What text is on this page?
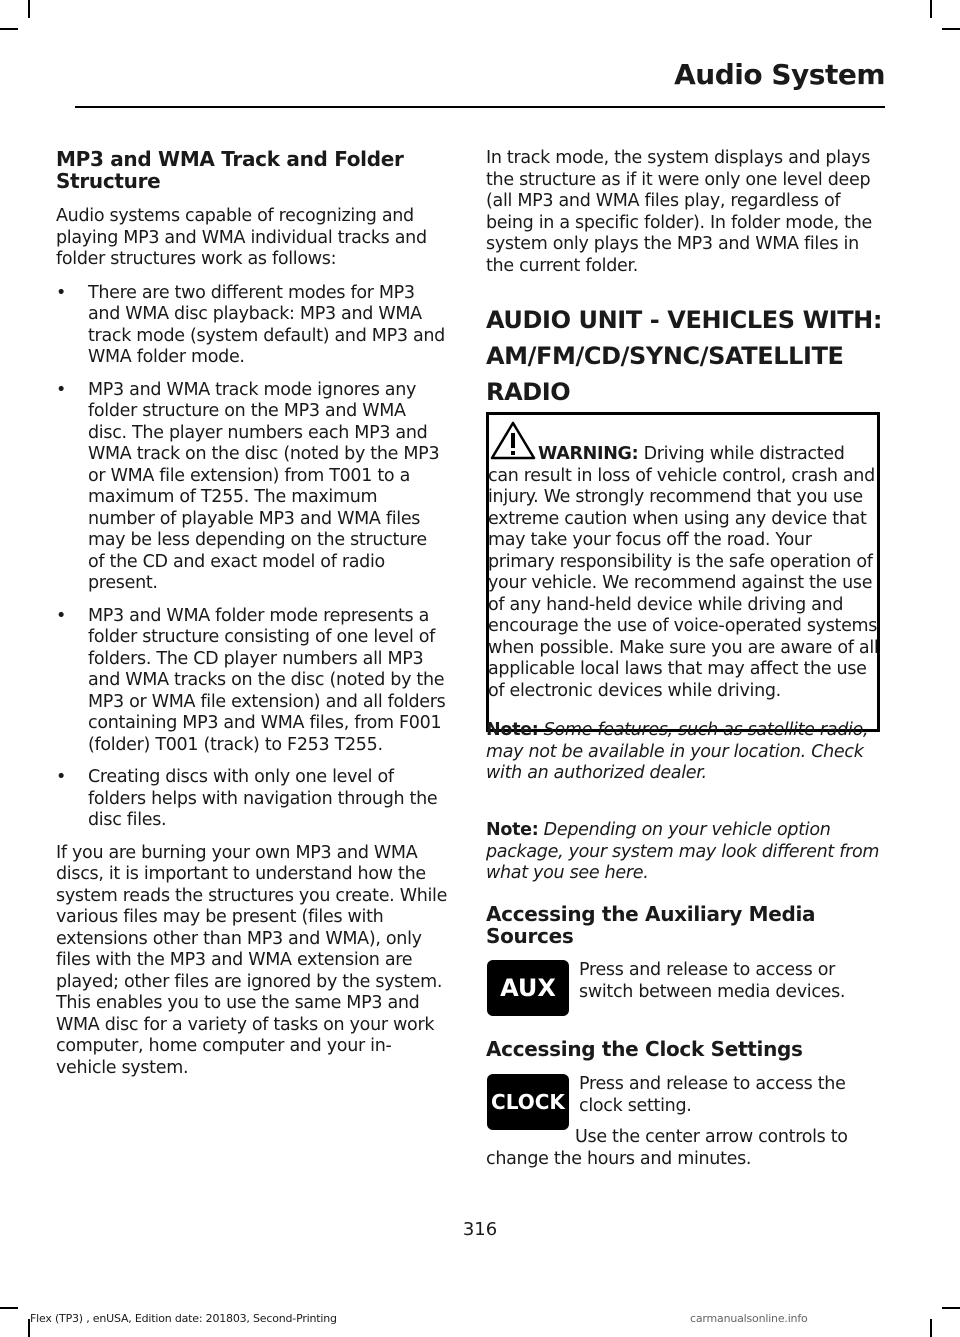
Audio System

MP3 and WMA Track and Folder Structure

Audio systems capable of recognizing and playing MP3 and WMA individual tracks and folder structures work as follows:

• There are two different modes for MP3 and WMA disc playback: MP3 and WMA track mode (system default) and MP3 and WMA folder mode.
• MP3 and WMA track mode ignores any folder structure on the MP3 and WMA disc. The player numbers each MP3 and WMA track on the disc (noted by the MP3 or WMA file extension) from T001 to a maximum of T255. The maximum number of playable MP3 and WMA files may be less depending on the structure of the CD and exact model of radio present.
• MP3 and WMA folder mode represents a folder structure consisting of one level of folders. The CD player numbers all MP3 and WMA tracks on the disc (noted by the MP3 or WMA file extension) and all folders containing MP3 and WMA files, from F001 (folder) T001 (track) to F253 T255.
• Creating discs with only one level of folders helps with navigation through the disc files.

If you are burning your own MP3 and WMA discs, it is important to understand how the system reads the structures you create. While various files may be present (files with extensions other than MP3 and WMA), only files with the MP3 and WMA extension are played; other files are ignored by the system. This enables you to use the same MP3 and WMA disc for a variety of tasks on your work computer, home computer and your in-vehicle system.

In track mode, the system displays and plays the structure as if it were only one level deep (all MP3 and WMA files play, regardless of being in a specific folder). In folder mode, the system only plays the MP3 and WMA files in the current folder.

AUDIO UNIT - VEHICLES WITH:
AM/FM/CD/SYNC/SATELLITE
RADIO
WARNING: Driving while distracted can result in loss of vehicle control, crash and injury. We strongly recommend that you use extreme caution when using any device that may take your focus off the road. Your primary responsibility is the safe operation of your vehicle. We recommend against the use of any hand-held device while driving and encourage the use of voice-operated systems when possible. Make sure you are aware of all applicable local laws that may affect the use of electronic devices while driving.
Note: Some features, such as satellite radio, may not be available in your location. Check with an authorized dealer.
Note: Depending on your vehicle option package, your system may look different from what you see here.
Accessing the Auxiliary Media Sources
AUX
Press and release to access or switch between media devices.
Accessing the Clock Settings
CLOCK
Press and release to access the clock setting.
Use the center arrow controls to change the hours and minutes.
316
Flex (TP3) , enUSA, Edition date: 201803, Second-Printing	carmanualsonline.info
